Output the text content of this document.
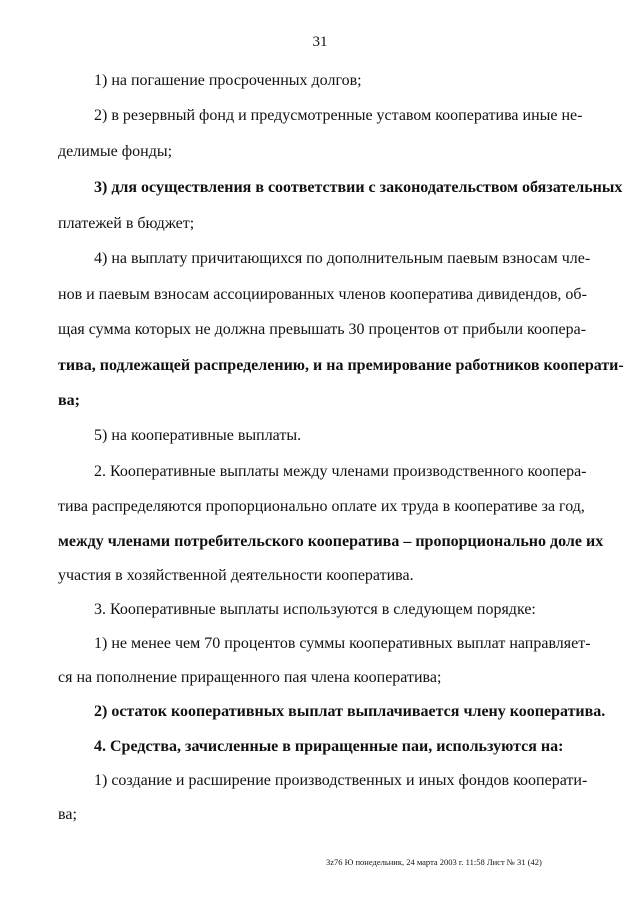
31
1) на погашение просроченных долгов;
2) в резервный фонд и предусмотренные уставом кооператива иные не-
делимые фонды;
3) для осуществления в соответствии с законодательством обязательных
платежей в бюджет;
4) на выплату причитающихся по дополнительным паевым взносам чле-
нов и паевым взносам ассоциированных членов кооператива дивидендов, об-
щая сумма которых не должна превышать 30 процентов от прибыли коопера-
тива, подлежащей распределению, и на премирование работников кооперати-
ва;
5) на кооперативные выплаты.
2. Кооперативные выплаты между членами производственного коопера-
тива распределяются пропорционально оплате их труда в кооперативе за год,
между членами потребительского кооператива – пропорционально доле их
участия в хозяйственной деятельности кооператива.
3. Кооперативные выплаты используются в следующем порядке:
1) не менее чем 70 процентов суммы кооперативных выплат направляет-
ся на пополнение приращенного пая члена кооператива;
2) остаток кооперативных выплат выплачивается члену кооператива.
4. Средства, зачисленные в приращенные паи, используются на:
1) создание и расширение производственных и иных фондов кооперати-
ва;
3z76 Ю понедельник, 24 марта 2003 г. 11:58 Лист № 31 (42)
